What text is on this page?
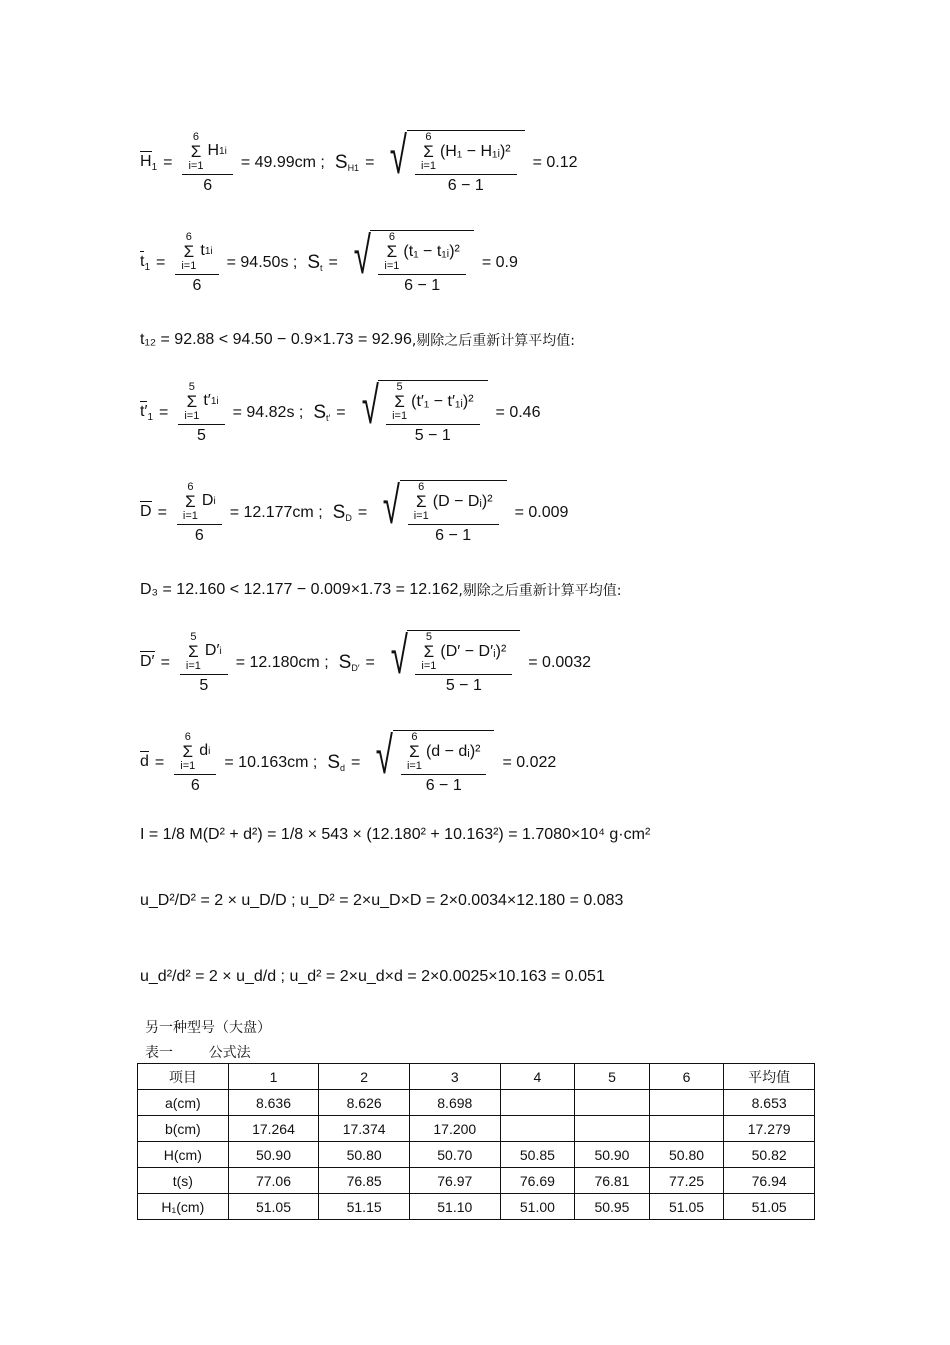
$H_1 = 6$
Σ
i=1
H 1i
6 = 49.99cm ; SH1 = √ 6
Σ
i=1
(H₁ − H₁ᵢ)²
6 − 1 = 0.12
$t_1 = 6$
Σ
i=1
t 1i
6 = 94.50s ; St = √ 6
Σ
i=1
(t₁ − t₁ᵢ)²
6 − 1 = 0.9
$t'_1 = 5$
Σ
i=1
t′ 1i
5 = 94.82s ; St′ = √ 5
Σ
i=1
(t′₁ − t′₁ᵢ)²
5 − 1 = 0.46
D = 6
Σ
i=1
D i
6 = 12.177cm ; SD = √ 6
Σ
i=1
(D − Dᵢ)²
6 − 1 = 0.009
D′ = 5
Σ
i=1
D′ i
5 = 12.180cm ; SD′ = √ 5
Σ
i=1
(D′ − D′ᵢ)²
5 − 1 = 0.0032
d = 6
Σ
i=1
d i
6 = 10.163cm ; Sd = √ 6
Σ
i=1
(d − dᵢ)²
6 − 1 = 0.022
t₁₂ = 92.88 < 94.50 − 0.9×1.73 = 92.96 ,剔除之后重新计算平均值:
D₃ = 12.160 < 12.177 − 0.009×1.73 = 12.162 ,剔除之后重新计算平均值:
I = 1/8 M(D² + d²) = 1/8 × 543 × (12.180² + 10.163²) = 1.7080×10⁴ g·cm²
u_D²/D² = 2 × u_D/D ; u_D² = 2×u_D×D = 2×0.0034×12.180 = 0.083
u_d²/d² = 2 × u_d/d ; u_d² = 2×u_d×d = 2×0.0025×10.163 = 0.051
另一种型号（大盘）
表一        公式法
项目	1	2	3	4	5	6	平均值
a(cm)	8.636	8.626	8.698				8.653
b(cm)	17.264	17.374	17.200				17.279
H(cm)	50.90	50.80	50.70	50.85	50.90	50.80	50.82
t(s)	77.06	76.85	76.97	76.69	76.81	77.25	76.94
H₁(cm)	51.05	51.15	51.10	51.00	50.95	51.05	51.05
